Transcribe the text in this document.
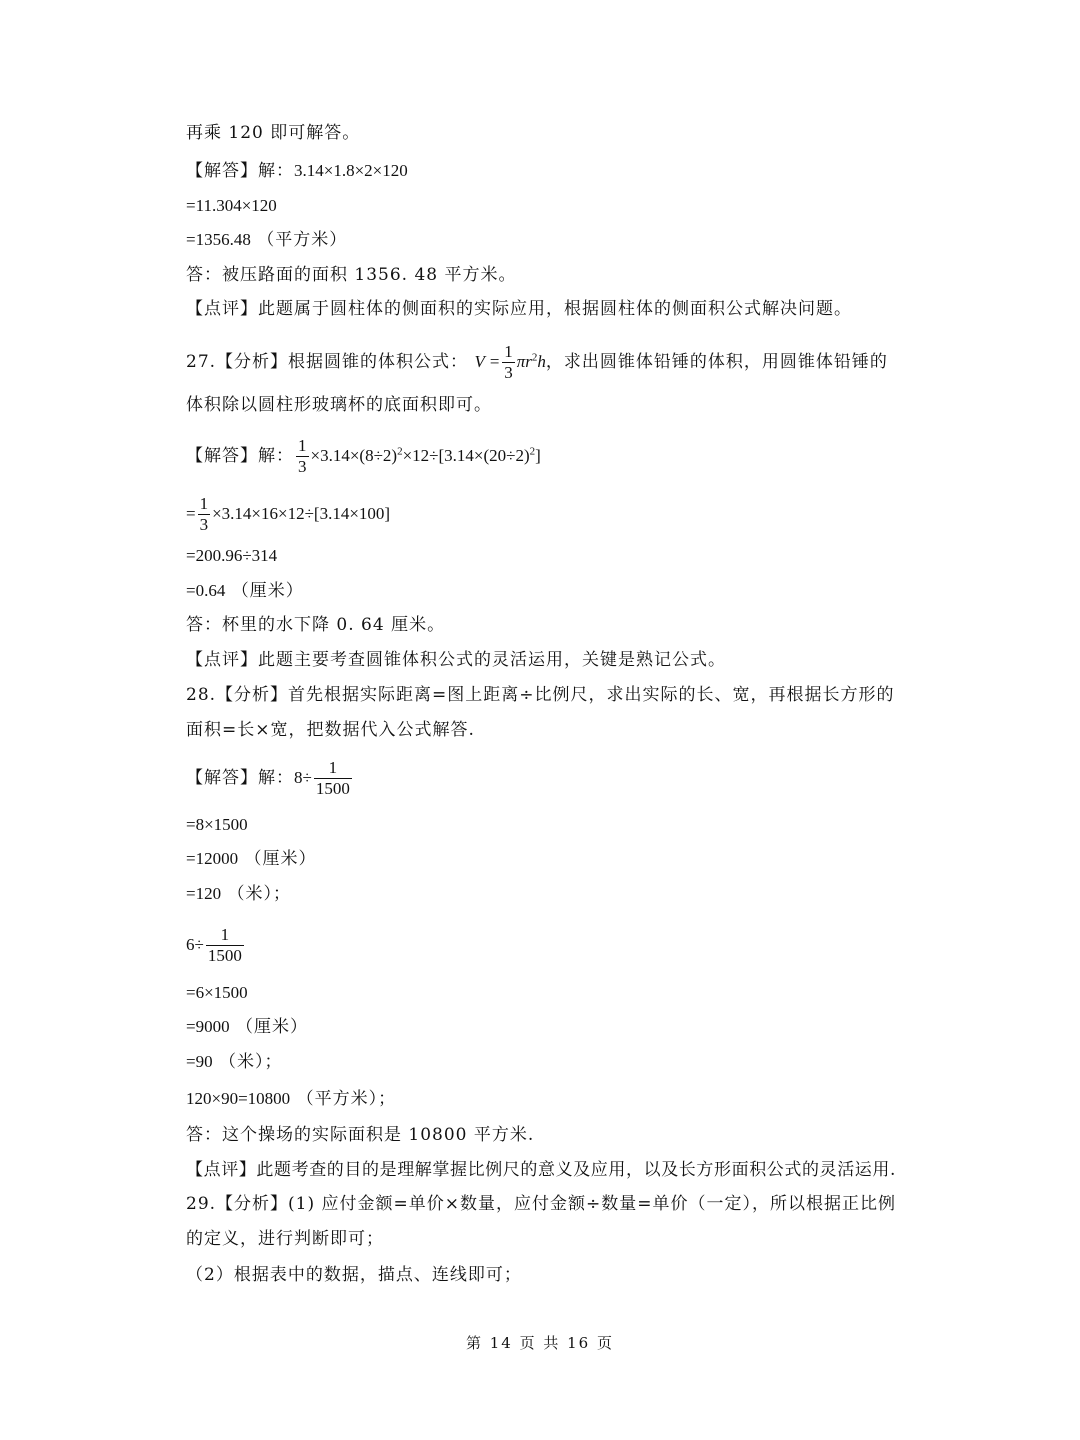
再乘 120 即可解答。
【解答】解：3.14×1.8×2×120
=11.304×120
=1356.48 （平方米）
答：被压路面的面积 1356. 48 平方米。
【点评】此题属于圆柱体的侧面积的实际应用，根据圆柱体的侧面积公式解决问题。
27.【分析】根据圆锥的体积公式： $V = \frac{1}{3} \pi r^2h$，求出圆锥体铅锤的体积，用圆锥体铅锤的
体积除以圆柱形玻璃杯的底面积即可。
【解答】解： $\frac{1}{3} \times 3.14\times(8\div 2)^2\times 12\div[3.14\times(20\div 2)^2]$
= $\frac{1}{3} \times 3.14\times 16\times 12\div[3.14\times 100]$
=200.96÷314
=0.64 （厘米）
答：杯里的水下降 0. 64 厘米。
【点评】此题主要考查圆锥体积公式的灵活运用，关键是熟记公式。
28.【分析】首先根据实际距离=图上距离÷比例尺，求出实际的长、宽，再根据长方形的
面积=长×宽，把数据代入公式解答.
【解答】解：$8\div \frac{1}{1500}$
=8×1500
=12000 （厘米）
=120 （米）；
$6\div \frac{1}{1500}$
=6×1500
=9000 （厘米）
=90 （米）；
120×90=10800 （平方米）；
答：这个操场的实际面积是 10800 平方米.
【点评】此题考查的目的是理解掌握比例尺的意义及应用，以及长方形面积公式的灵活运用.
29.【分析】(1) 应付金额=单价×数量，应付金额÷数量=单价（一定），所以根据正比例
的定义，进行判断即可；
（2）根据表中的数据，描点、连线即可；
第 14 页 共 16 页
